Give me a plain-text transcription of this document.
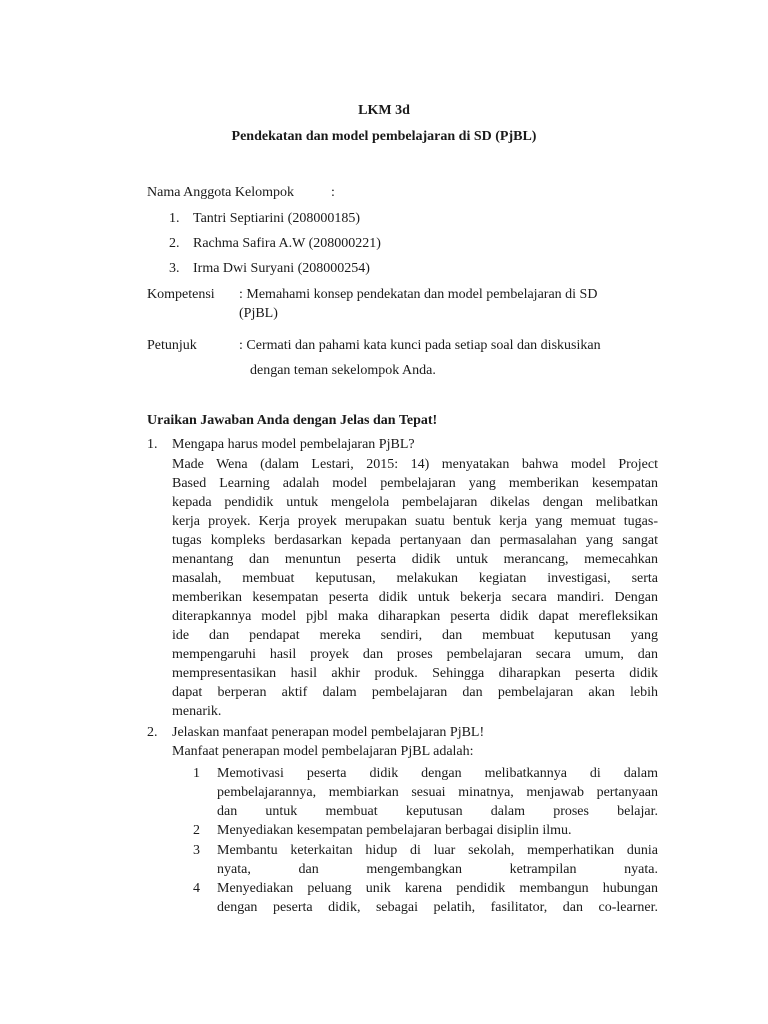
LKM 3d
Pendekatan dan model pembelajaran di SD (PjBL)
Nama Anggota Kelompok	:
1. Tantri Septiarini (208000185)
2. Rachma Safira A.W (208000221)
3. Irma Dwi Suryani (208000254)
Kompetensi : Memahami konsep pendekatan dan model pembelajaran di SD
(PjBL)
Petunjuk	: Cermati dan pahami kata kunci pada setiap soal dan diskusikan
dengan teman sekelompok Anda.
Uraikan Jawaban Anda dengan Jelas dan Tepat!
1. Mengapa harus model pembelajaran PjBL?
Made Wena (dalam Lestari, 2015: 14) menyatakan bahwa model Project
Based Learning adalah model pembelajaran yang memberikan kesempatan
kepada pendidik untuk mengelola pembelajaran dikelas dengan melibatkan
kerja proyek. Kerja proyek merupakan suatu bentuk kerja yang memuat tugas-
tugas kompleks berdasarkan kepada pertanyaan dan permasalahan yang sangat
menantang dan menuntun peserta didik untuk merancang, memecahkan
masalah, membuat keputusan, melakukan kegiatan investigasi, serta
memberikan kesempatan peserta didik untuk bekerja secara mandiri. Dengan
diterapkannya model pjbl maka diharapkan peserta didik dapat merefleksikan
ide dan pendapat mereka sendiri, dan membuat keputusan yang
mempengaruhi hasil proyek dan proses pembelajaran secara umum, dan
mempresentasikan hasil akhir produk. Sehingga diharapkan peserta didik
dapat berperan aktif dalam pembelajaran dan pembelajaran akan lebih
menarik.
2. Jelaskan manfaat penerapan model pembelajaran PjBL!
Manfaat penerapan model pembelajaran PjBL adalah:
1 Memotivasi peserta didik dengan melibatkannya di dalam
pembelajarannya, membiarkan sesuai minatnya, menjawab pertanyaan
dan untuk membuat keputusan dalam proses belajar.
2 Menyediakan kesempatan pembelajaran berbagai disiplin ilmu.
3 Membantu keterkaitan hidup di luar sekolah, memperhatikan dunia
nyata, dan mengembangkan ketrampilan nyata.
4 Menyediakan peluang unik karena pendidik membangun hubungan
dengan peserta didik, sebagai pelatih, fasilitator, dan co-learner.
